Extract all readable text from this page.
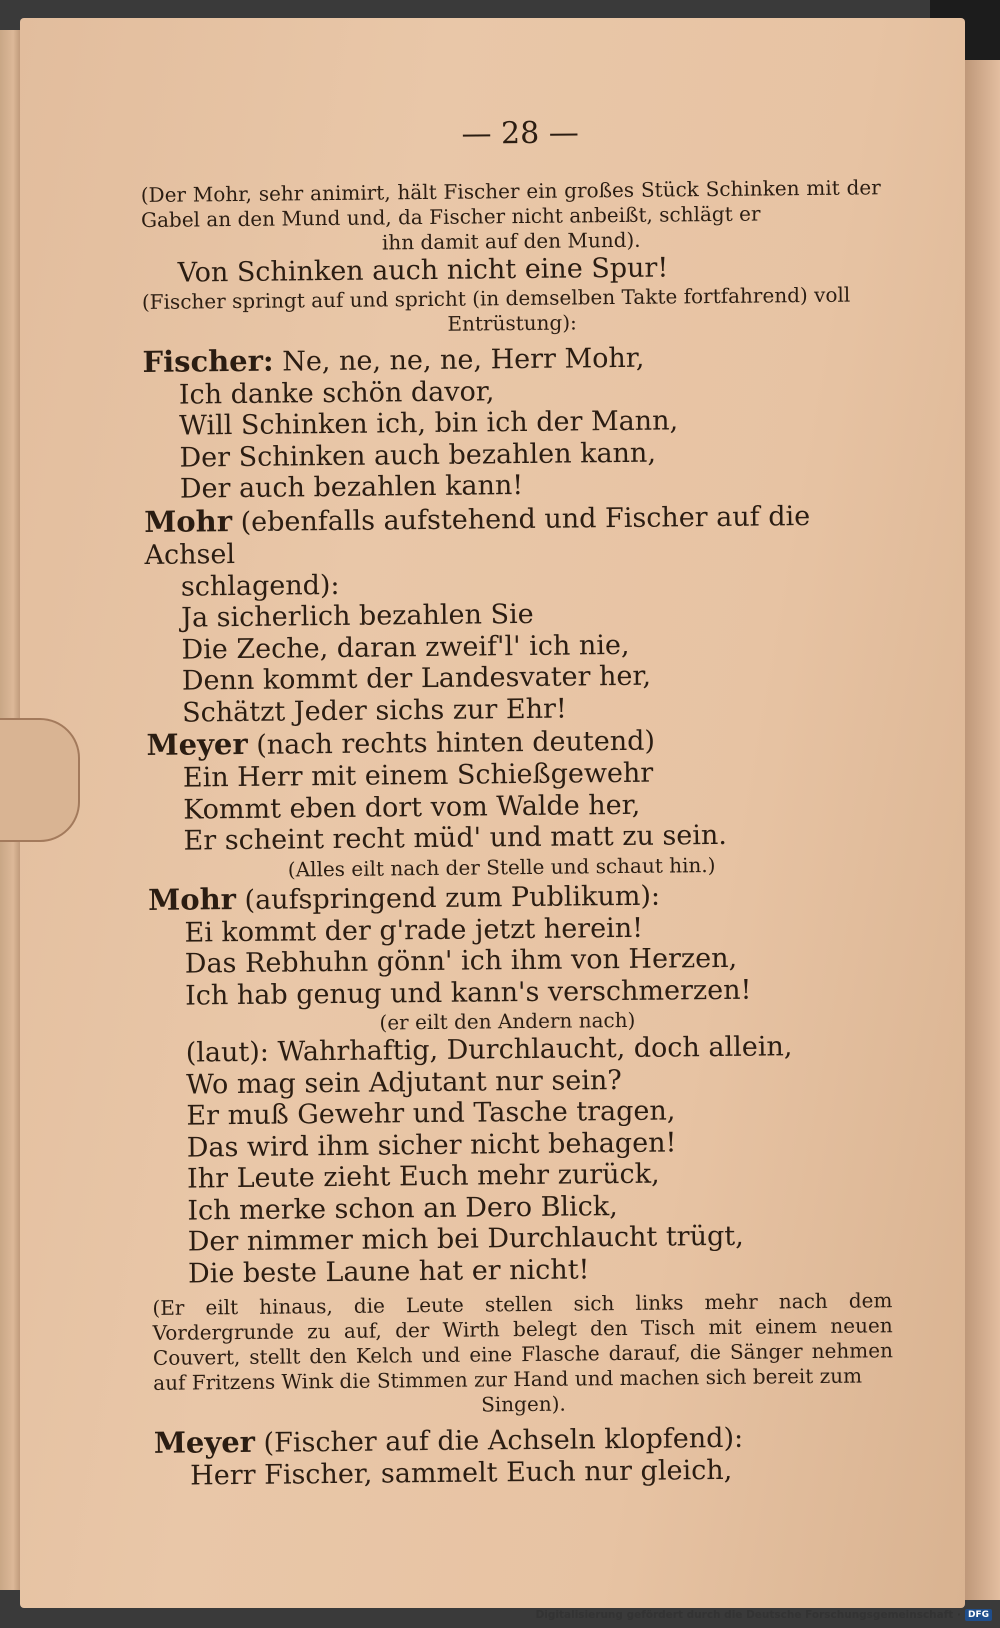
— 28 —

(Der Mohr, sehr animirt, hält Fischer ein großes Stück Schinken mit der Gabel an den Mund und, da Fischer nicht anbeißt, schlägt er

ihn damit auf den Mund).

Von Schinken auch nicht eine Spur!

(Fischer springt auf und spricht (in demselben Takte fortfahrend) voll

Entrüstung):

Fischer: Ne, ne, ne, ne, Herr Mohr,

Ich danke schön davor,

Will Schinken ich, bin ich der Mann,

Der Schinken auch bezahlen kann,

Der auch bezahlen kann!

Mohr (ebenfalls aufstehend und Fischer auf die Achsel

schlagend):

Ja sicherlich bezahlen Sie

Die Zeche, daran zweif'l' ich nie,

Denn kommt der Landesvater her,

Schätzt Jeder sichs zur Ehr!

Meyer (nach rechts hinten deutend)

Ein Herr mit einem Schießgewehr

Kommt eben dort vom Walde her,

Er scheint recht müd' und matt zu sein.

(Alles eilt nach der Stelle und schaut hin.)

Mohr (aufspringend zum Publikum):

Ei kommt der g'rade jetzt herein!

Das Rebhuhn gönn' ich ihm von Herzen,

Ich hab genug und kann's verschmerzen!

(er eilt den Andern nach)

(laut): Wahrhaftig, Durchlaucht, doch allein,

Wo mag sein Adjutant nur sein?

Er muß Gewehr und Tasche tragen,

Das wird ihm sicher nicht behagen!

Ihr Leute zieht Euch mehr zurück,

Ich merke schon an Dero Blick,

Der nimmer mich bei Durchlaucht trügt,

Die beste Laune hat er nicht!

(Er eilt hinaus, die Leute stellen sich links mehr nach dem Vordergrunde zu auf, der Wirth belegt den Tisch mit einem neuen Couvert, stellt den Kelch und eine Flasche darauf, die Sänger nehmen auf Fritzens Wink die Stimmen zur Hand und machen sich bereit zum

Singen).

Meyer (Fischer auf die Achseln klopfend):

Herr Fischer, sammelt Euch nur gleich,

Digitalisierung gefördert durch die Deutsche Forschungsgemeinschaft · DFG
